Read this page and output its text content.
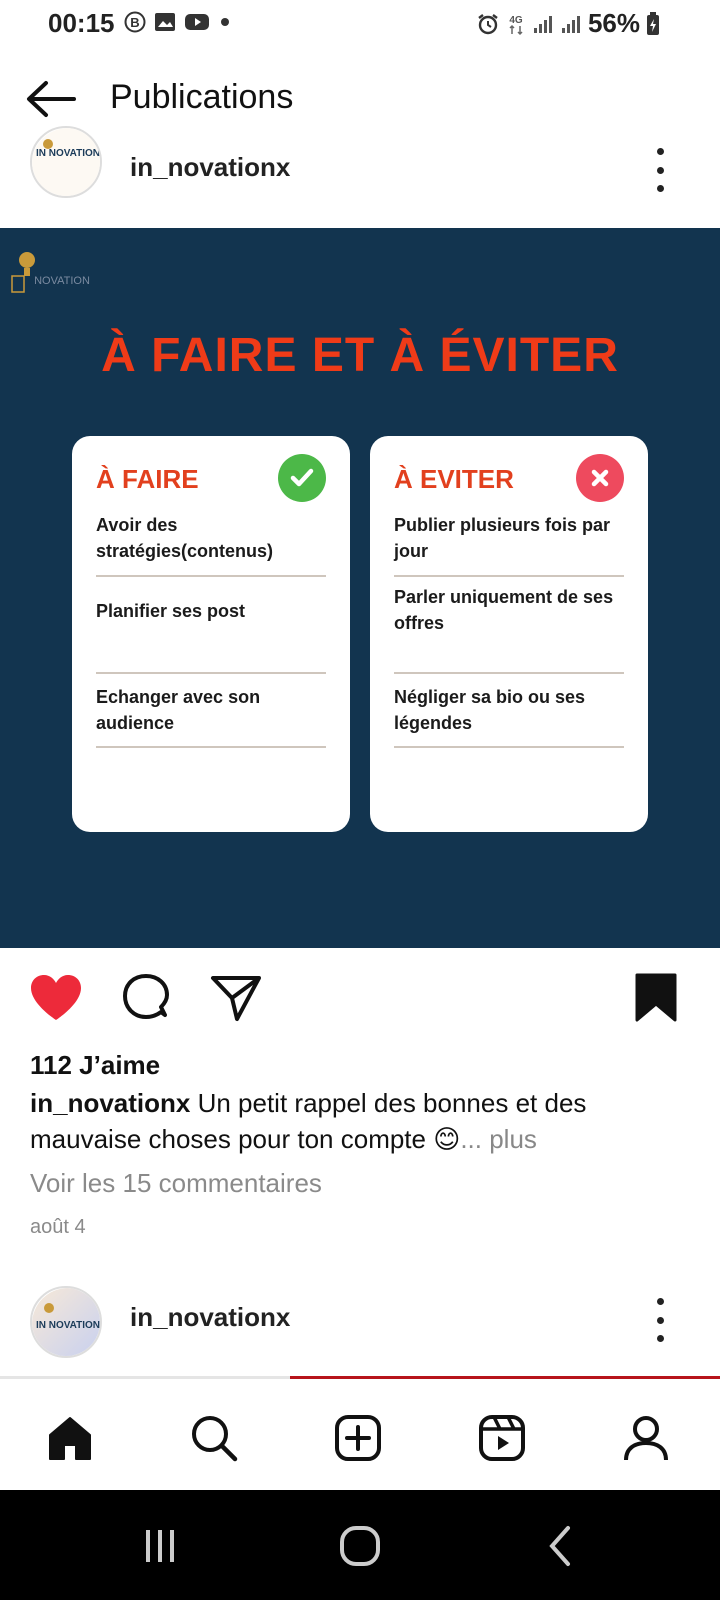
00:15 B	4G	56%
Publications
IN NOVATION in_novationx
NOVATION
À FAIRE ET À ÉVITER
À FAIRE
Avoir des stratégies(contenus)
Planifier ses post
Echanger avec son audience
À EVITER
Publier plusieurs fois par jour
Parler uniquement de ses offres
Négliger sa bio ou ses légendes
112 J’aime
in_novationx Un petit rappel des bonnes et des mauvaise choses pour ton compte 😊... plus
Voir les 15 commentaires
août 4
IN NOVATION in_novationx
